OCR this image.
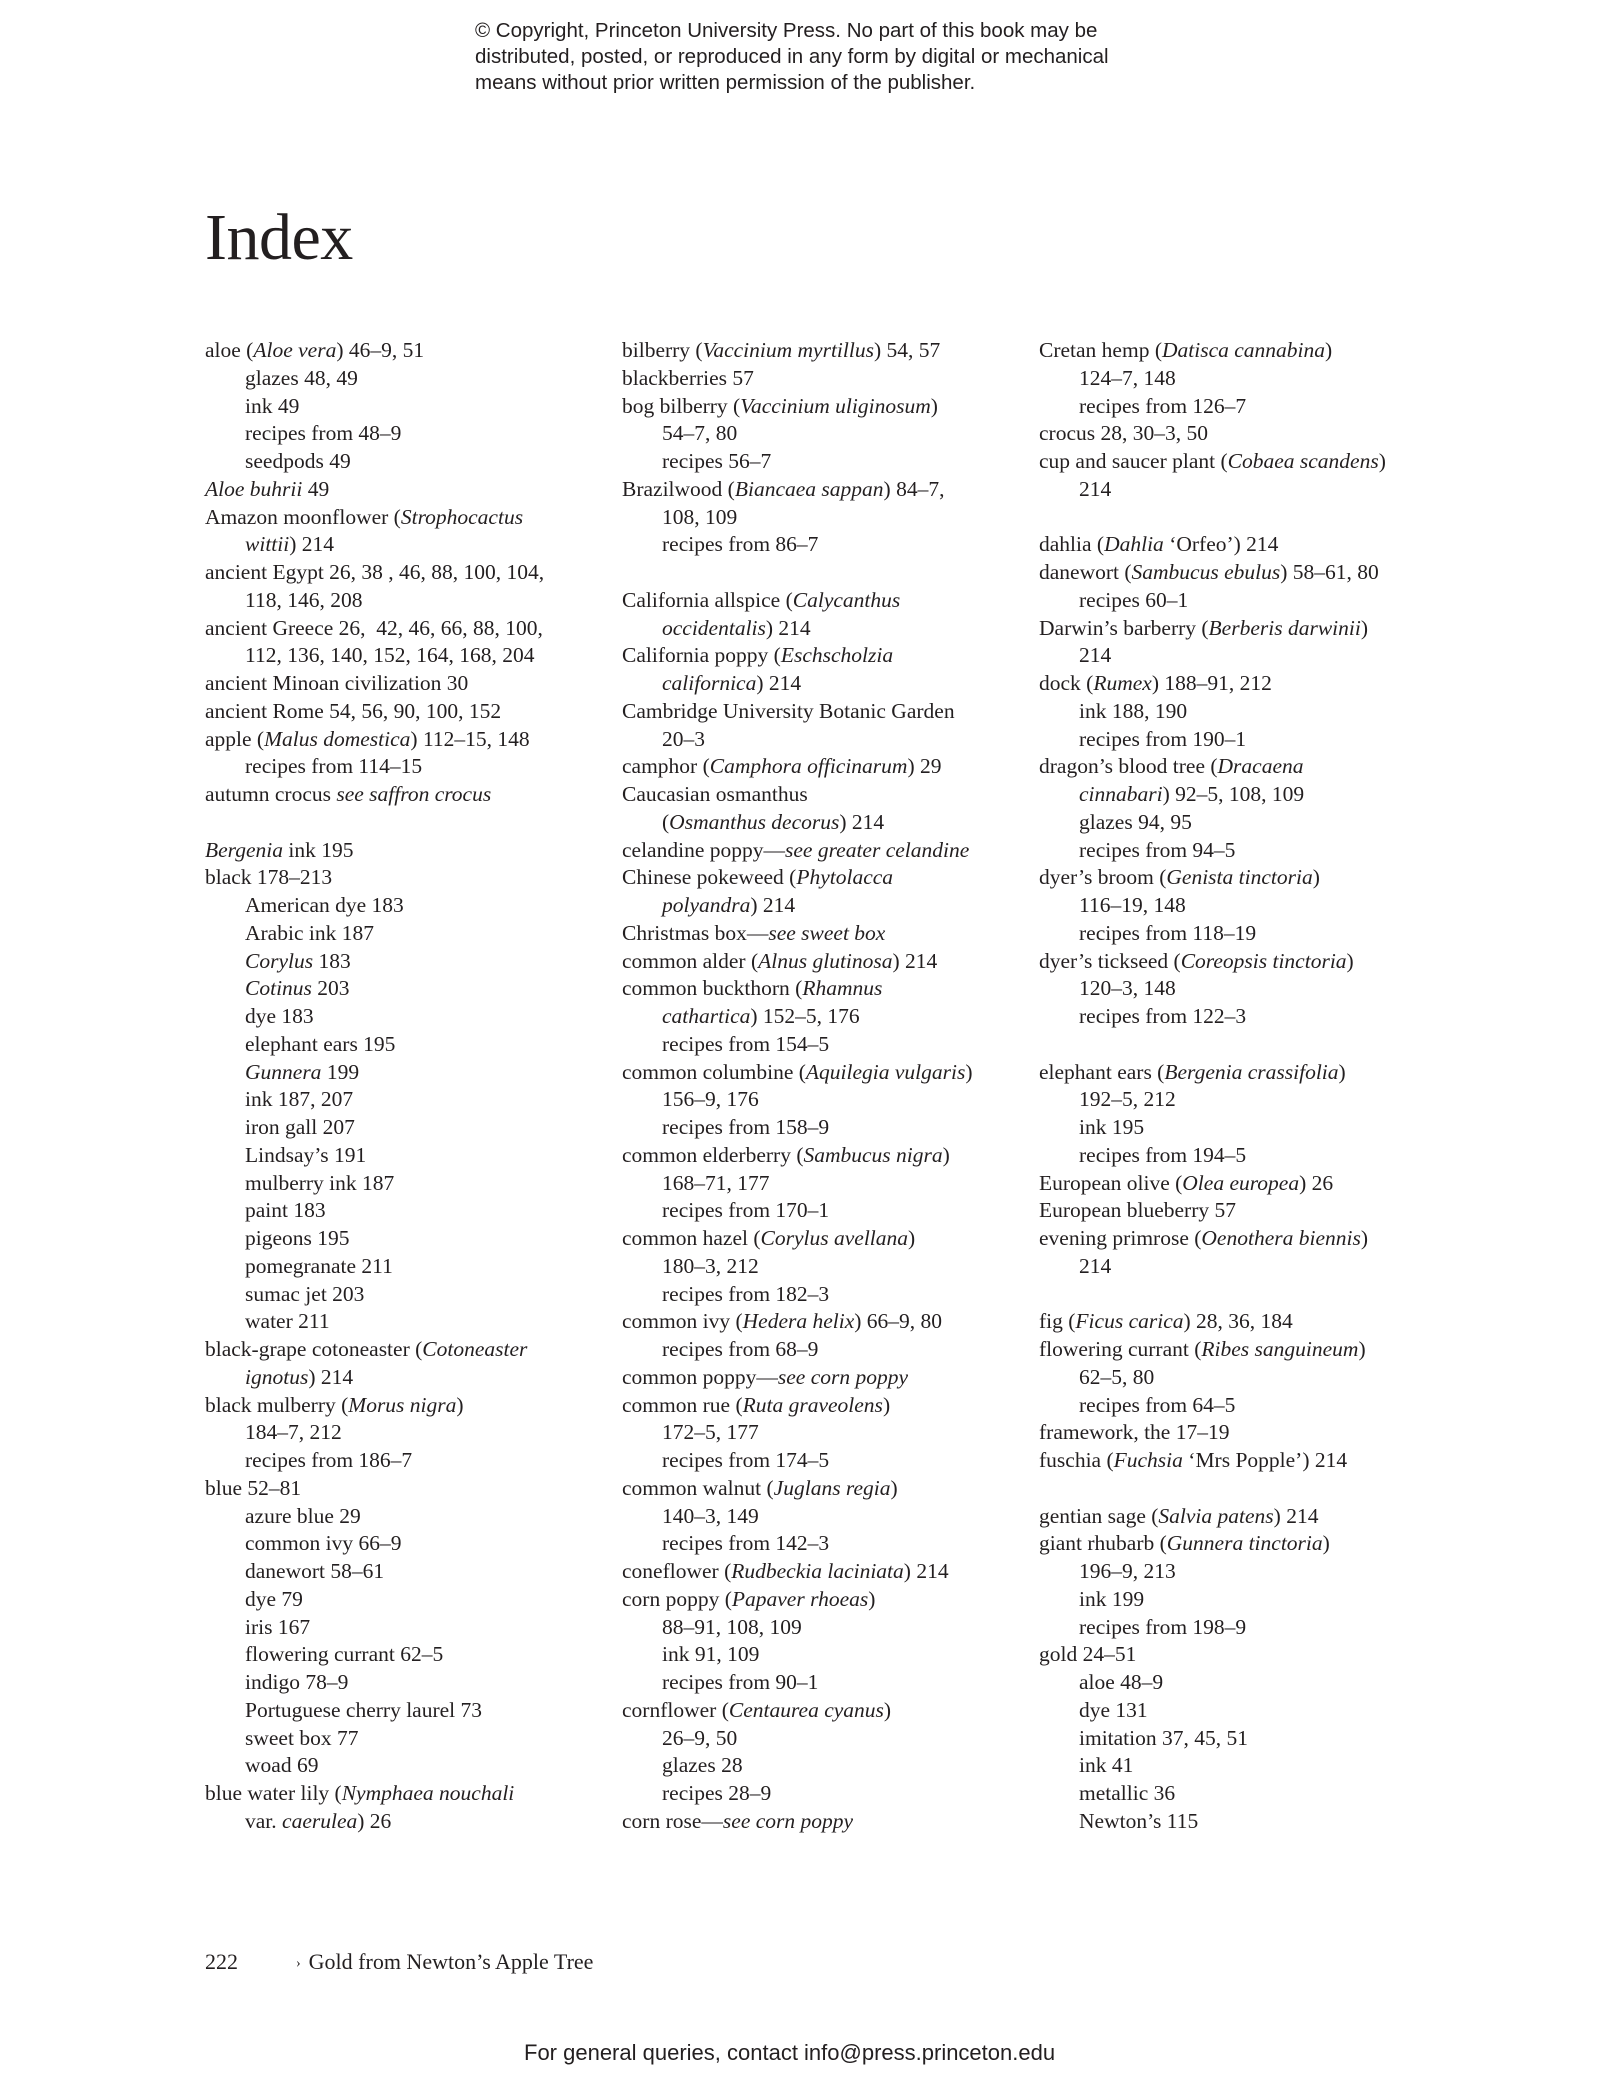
© Copyright, Princeton University Press. No part of this book may be
distributed, posted, or reproduced in any form by digital or mechanical
means without prior written permission of the publisher.
Index
aloe (Aloe vera) 46–9, 51
glazes 48, 49
ink 49
recipes from 48–9
seedpods 49
Aloe buhrii 49
Amazon moonflower (Strophocactus
wittii) 214
ancient Egypt 26, 38 , 46, 88, 100, 104,
118, 146, 208
ancient Greece 26,  42, 46, 66, 88, 100,
112, 136, 140, 152, 164, 168, 204
ancient Minoan civilization 30
ancient Rome 54, 56, 90, 100, 152
apple (Malus domestica) 112–15, 148
recipes from 114–15
autumn crocus see saffron crocus
Bergenia ink 195
black 178–213
American dye 183
Arabic ink 187
Corylus 183
Cotinus 203
dye 183
elephant ears 195
Gunnera 199
ink 187, 207
iron gall 207
Lindsay’s 191
mulberry ink 187
paint 183
pigeons 195
pomegranate 211
sumac jet 203
water 211
black-grape cotoneaster (Cotoneaster
ignotus) 214
black mulberry (Morus nigra)
184–7, 212
recipes from 186–7
blue 52–81
azure blue 29
common ivy 66–9
danewort 58–61
dye 79
iris 167
flowering currant 62–5
indigo 78–9
Portuguese cherry laurel 73
sweet box 77
woad 69
blue water lily (Nymphaea nouchali
var. caerulea) 26
bilberry (Vaccinium myrtillus) 54, 57
blackberries 57
bog bilberry (Vaccinium uliginosum)
54–7, 80
recipes 56–7
Brazilwood (Biancaea sappan) 84–7,
108, 109
recipes from 86–7
California allspice (Calycanthus
occidentalis) 214
California poppy (Eschscholzia
californica) 214
Cambridge University Botanic Garden
20–3
camphor (Camphora officinarum) 29
Caucasian osmanthus
(Osmanthus decorus) 214
celandine poppy—see greater celandine
Chinese pokeweed (Phytolacca
polyandra) 214
Christmas box—see sweet box
common alder (Alnus glutinosa) 214
common buckthorn (Rhamnus
cathartica) 152–5, 176
recipes from 154–5
common columbine (Aquilegia vulgaris)
156–9, 176
recipes from 158–9
common elderberry (Sambucus nigra)
168–71, 177
recipes from 170–1
common hazel (Corylus avellana)
180–3, 212
recipes from 182–3
common ivy (Hedera helix) 66–9, 80
recipes from 68–9
common poppy—see corn poppy
common rue (Ruta graveolens)
172–5, 177
recipes from 174–5
common walnut (Juglans regia)
140–3, 149
recipes from 142–3
coneflower (Rudbeckia laciniata) 214
corn poppy (Papaver rhoeas)
88–91, 108, 109
ink 91, 109
recipes from 90–1
cornflower (Centaurea cyanus)
26–9, 50
glazes 28
recipes 28–9
corn rose—see corn poppy
Cretan hemp (Datisca cannabina)
124–7, 148
recipes from 126–7
crocus 28, 30–3, 50
cup and saucer plant (Cobaea scandens)
214
dahlia (Dahlia ‘Orfeo’) 214
danewort (Sambucus ebulus) 58–61, 80
recipes 60–1
Darwin’s barberry (Berberis darwinii)
214
dock (Rumex) 188–91, 212
ink 188, 190
recipes from 190–1
dragon’s blood tree (Dracaena
cinnabari) 92–5, 108, 109
glazes 94, 95
recipes from 94–5
dyer’s broom (Genista tinctoria)
116–19, 148
recipes from 118–19
dyer’s tickseed (Coreopsis tinctoria)
120–3, 148
recipes from 122–3
elephant ears (Bergenia crassifolia)
192–5, 212
ink 195
recipes from 194–5
European olive (Olea europea) 26
European blueberry 57
evening primrose (Oenothera biennis)
214
fig (Ficus carica) 28, 36, 184
flowering currant (Ribes sanguineum)
62–5, 80
recipes from 64–5
framework, the 17–19
fuschia (Fuchsia ‘Mrs Popple’) 214
gentian sage (Salvia patens) 214
giant rhubarb (Gunnera tinctoria)
196–9, 213
ink 199
recipes from 198–9
gold 24–51
aloe 48–9
dye 131
imitation 37, 45, 51
ink 41
metallic 36
Newton’s 115
222	› Gold from Newton’s Apple Tree
For general queries, contact info@press.princeton.edu
